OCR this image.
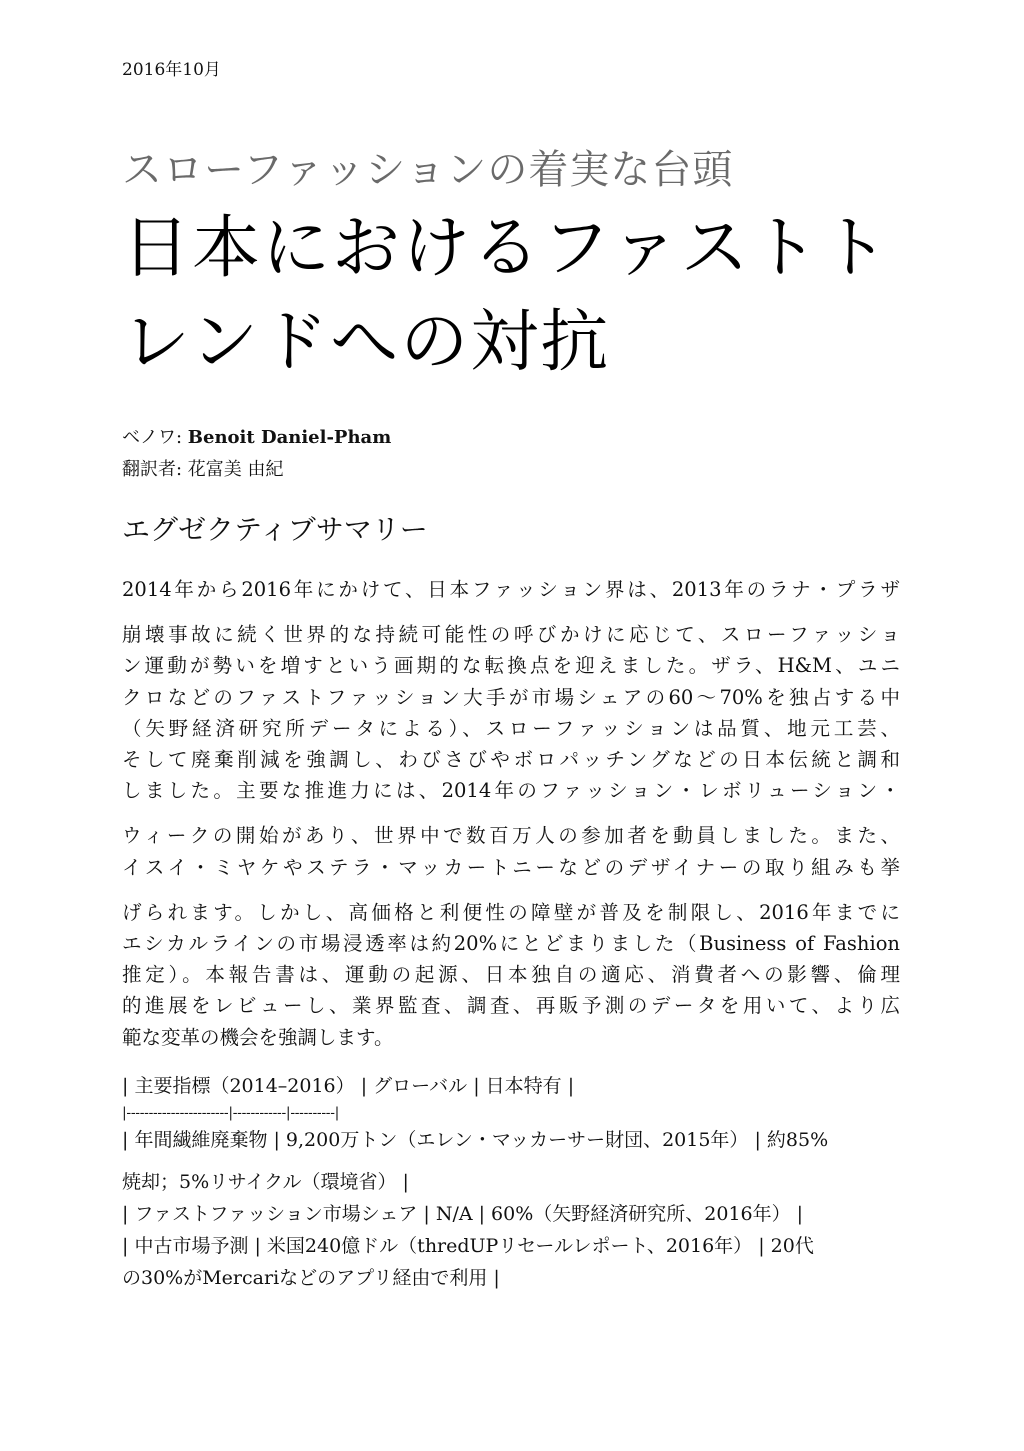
2016年10月
スローファッションの着実な台頭
日本におけるファストト
レンドへの対抗
ベノワ: Benoit Daniel-Pham
翻訳者: 花富美 由紀
エグゼクティブサマリー
2014年から2016年にかけて、日本ファッション界は、2013年のラナ・プラザ
崩壊事故に続く世界的な持続可能性の呼びかけに応じて、スローファッショ
ン運動が勢いを増すという画期的な転換点を迎えました。ザラ、H&M、ユニ
クロなどのファストファッション大手が市場シェアの60～70%を独占する中
（矢野経済研究所データによる）、スローファッションは品質、地元工芸、
そして廃棄削減を強調し、わびさびやボロパッチングなどの日本伝統と調和
しました。主要な推進力には、2014年のファッション・レボリューション・
ウィークの開始があり、世界中で数百万人の参加者を動員しました。また、
イスイ・ミヤケやステラ・マッカートニーなどのデザイナーの取り組みも挙
げられます。しかし、高価格と利便性の障壁が普及を制限し、2016年までに
エシカルラインの市場浸透率は約20%にとどまりました（Business of Fashion
推定）。本報告書は、運動の起源、日本独自の適応、消費者への影響、倫理
的進展をレビューし、業界監査、調査、再販予測のデータを用いて、より広
範な変革の機会を強調します。
| 主要指標（2014–2016） | グローバル | 日本特有 |
|-----------------------|------------|----------|
| 年間繊維廃棄物 | 9,200万トン（エレン・マッカーサー財団、2015年） | 約85%
焼却；5%リサイクル（環境省） |
| ファストファッション市場シェア | N/A | 60%（矢野経済研究所、2016年） |
| 中古市場予測 | 米国240億ドル（thredUPリセールレポート、2016年） | 20代
の30%がMercariなどのアプリ経由で利用 |
